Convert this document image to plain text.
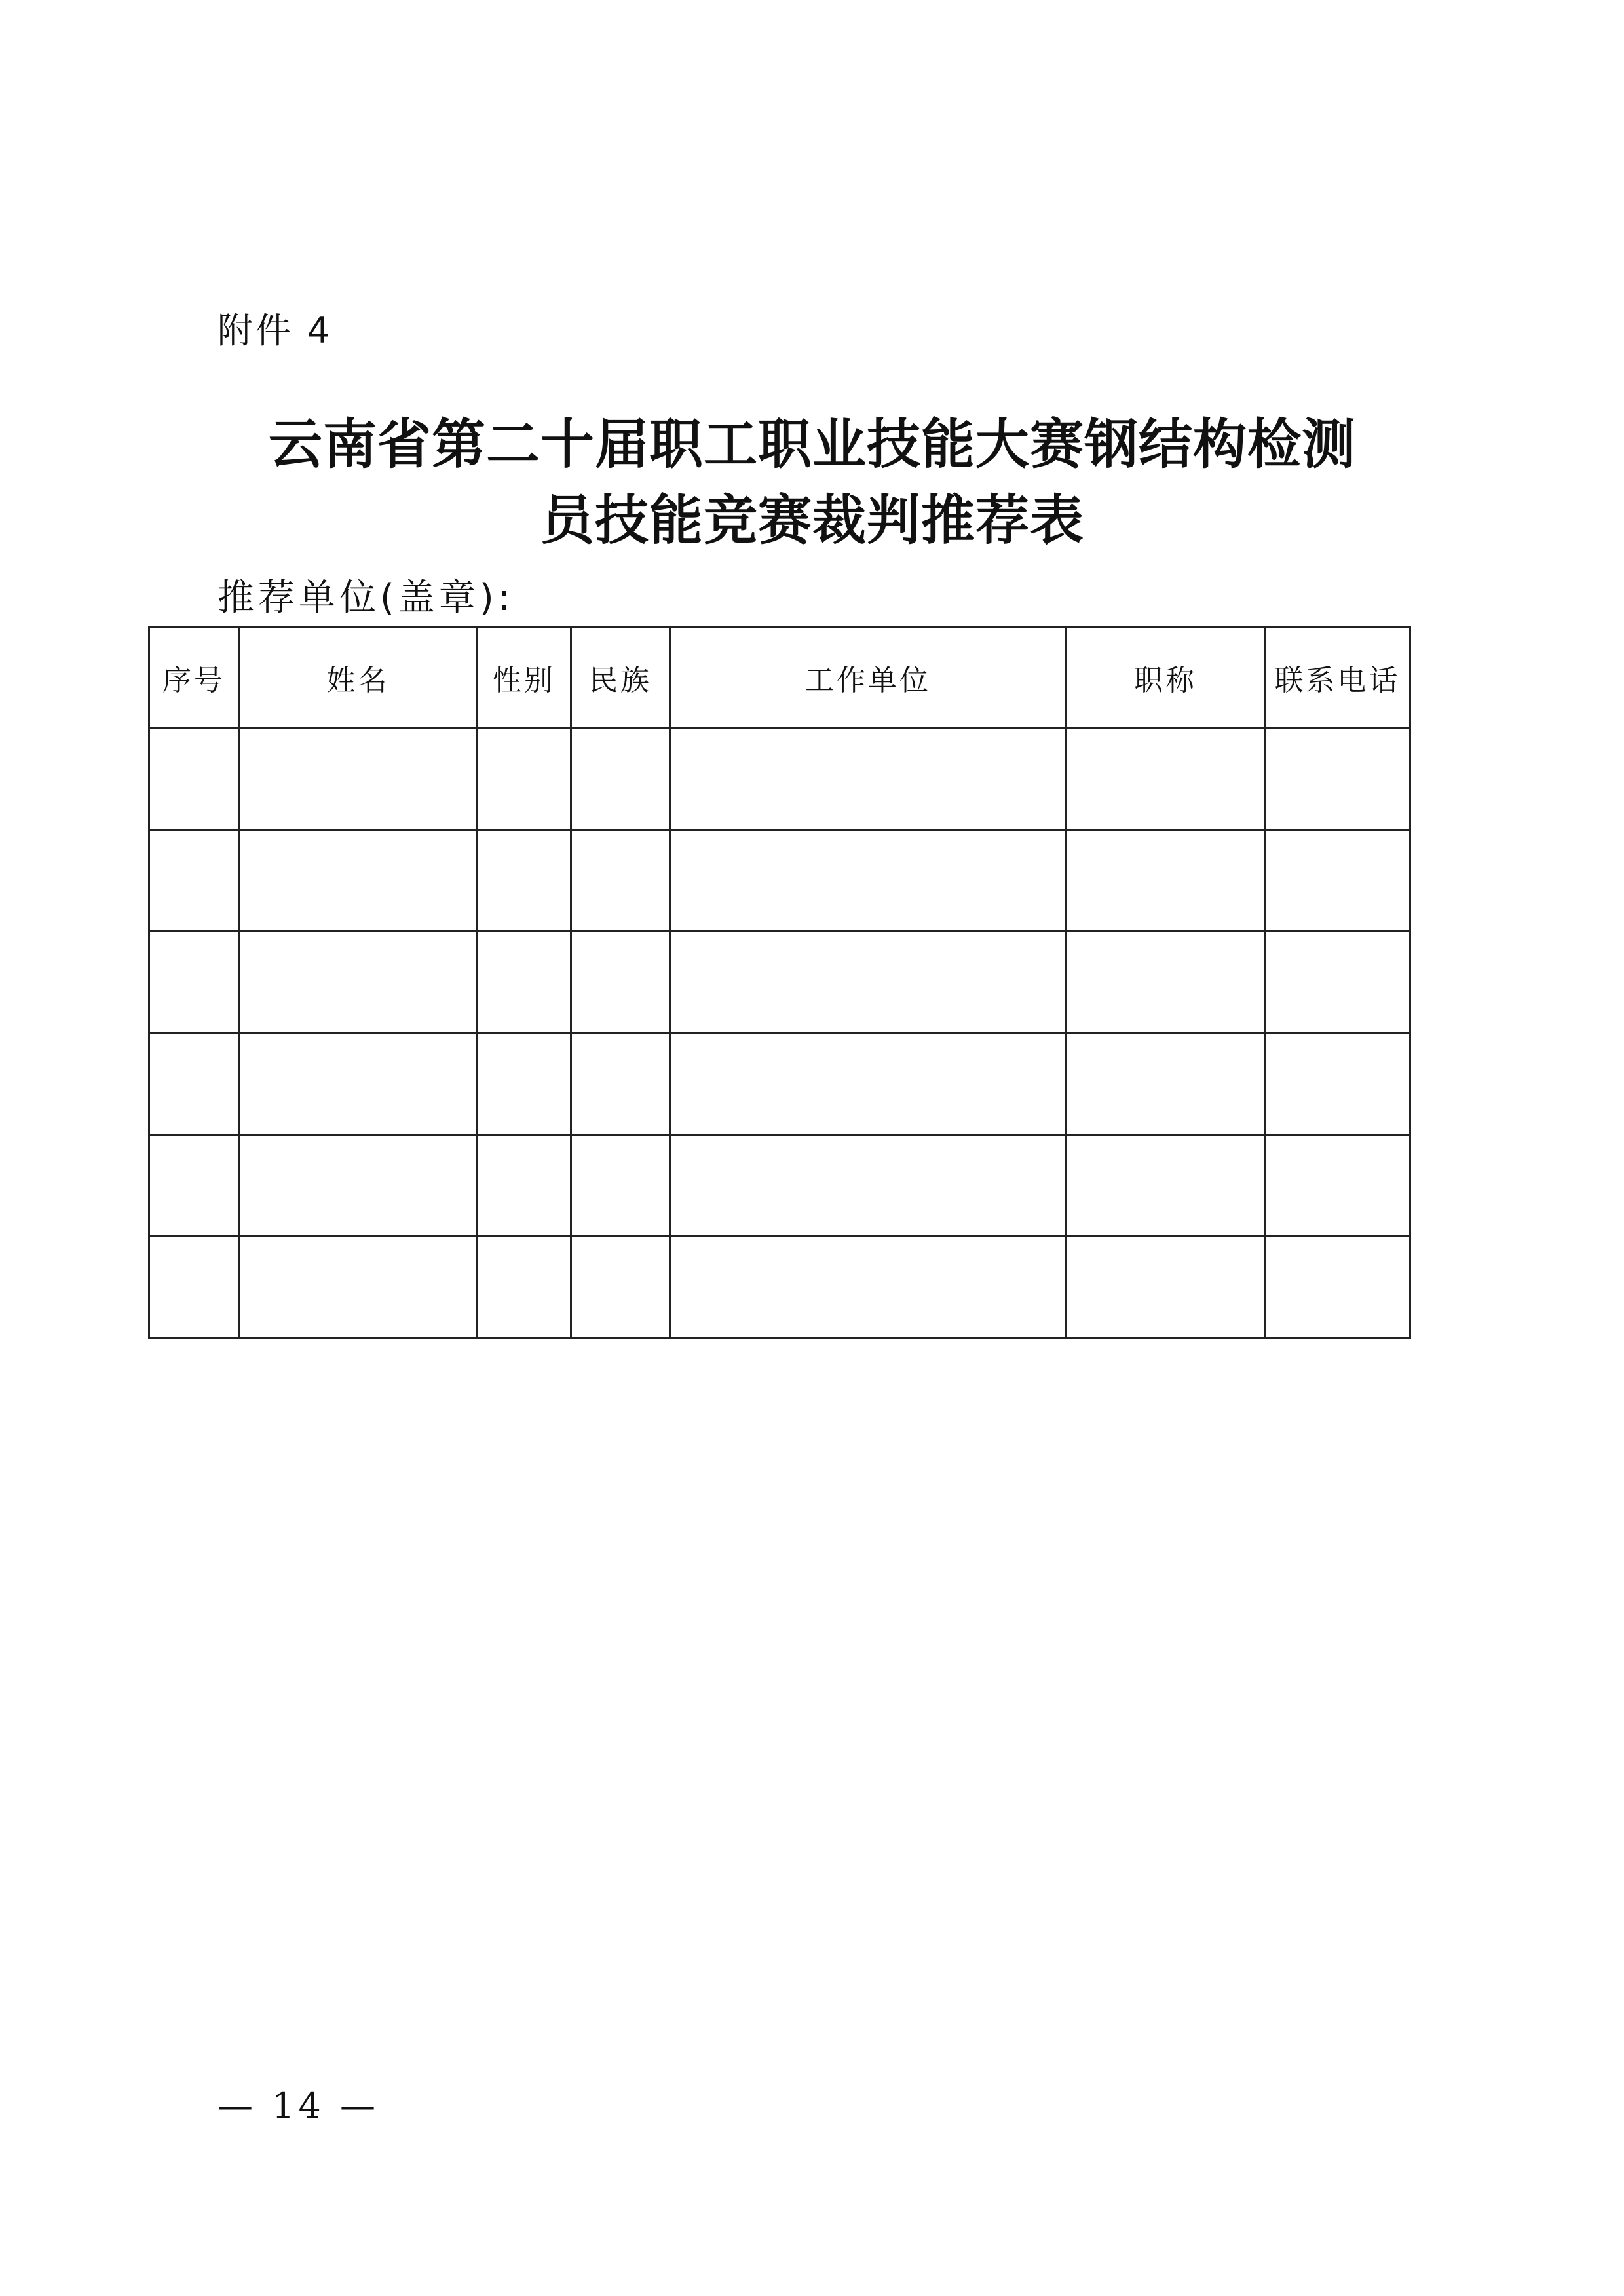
附件 4
云南省第二十届职工职业技能大赛钢结构检测
员技能竞赛裁判推荐表
推荐单位(盖章):
序号	姓名	性别	民族	工作单位	职称	联系电话

— 14 —
